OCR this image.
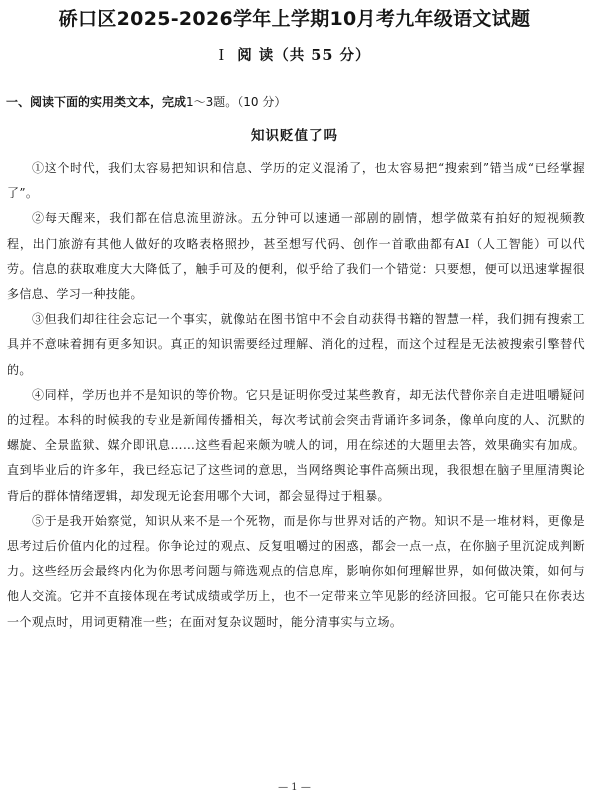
硚口区2025-2026学年上学期10月考九年级语文试题
Ⅰ 阅 读（共 55 分）
一、阅读下面的实用类文本，完成1～3题。（10 分）
知识贬值了吗

①这个时代，我们太容易把知识和信息、学历的定义混淆了，也太容易把“搜索到”错当成“已经掌握了”。

②每天醒来，我们都在信息流里游泳。五分钟可以速通一部剧的剧情，想学做菜有拍好的短视频教程，出门旅游有其他人做好的攻略表格照抄，甚至想写代码、创作一首歌曲都有AI（人工智能）可以代劳。信息的获取难度大大降低了，触手可及的便利，似乎给了我们一个错觉：只要想，便可以迅速掌握很多信息、学习一种技能。

③但我们却往往会忘记一个事实，就像站在图书馆中不会自动获得书籍的智慧一样，我们拥有搜索工具并不意味着拥有更多知识。真正的知识需要经过理解、消化的过程，而这个过程是无法被搜索引擎替代的。

④同样，学历也并不是知识的等价物。它只是证明你受过某些教育，却无法代替你亲自走进咀嚼疑问的过程。本科的时候我的专业是新闻传播相关，每次考试前会突击背诵许多词条，像单向度的人、沉默的螺旋、全景监狱、媒介即讯息……这些看起来颇为唬人的词，用在综述的大题里去答，效果确实有加成。直到毕业后的许多年，我已经忘记了这些词的意思，当网络舆论事件高频出现，我很想在脑子里厘清舆论背后的群体情绪逻辑，却发现无论套用哪个大词，都会显得过于粗暴。

⑤于是我开始察觉，知识从来不是一个死物，而是你与世界对话的产物。知识不是一堆材料，更像是思考过后价值内化的过程。你争论过的观点、反复咀嚼过的困惑，都会一点一点，在你脑子里沉淀成判断力。这些经历会最终内化为你思考问题与筛选观点的信息库，影响你如何理解世界，如何做决策，如何与他人交流。它并不直接体现在考试成绩或学历上，也不一定带来立竿见影的经济回报。它可能只在你表达一个观点时，用词更精准一些；在面对复杂议题时，能分清事实与立场。

— 1 —
